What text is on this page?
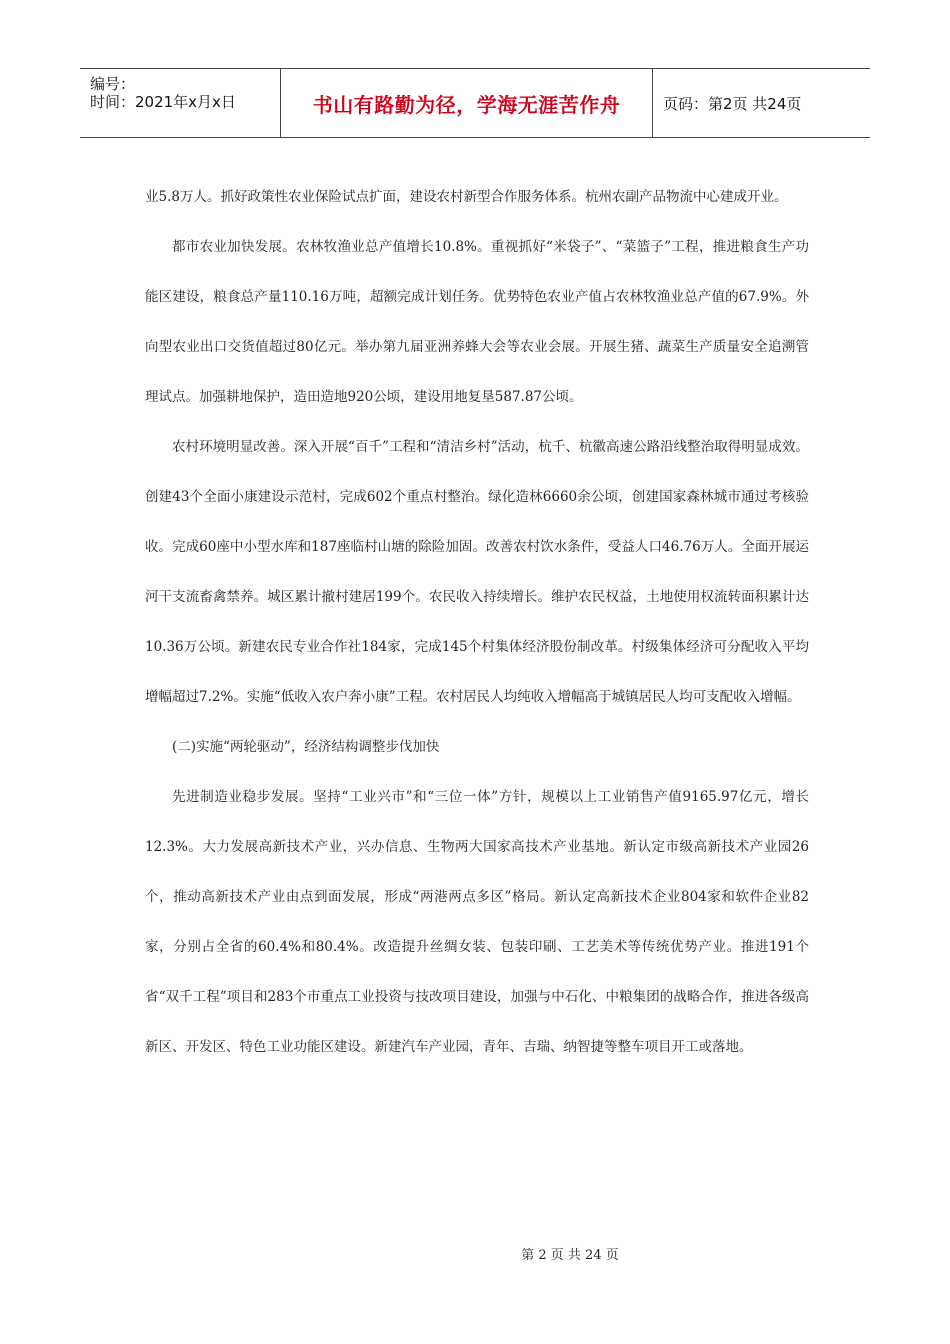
编号：
时间：2021年x月x日	书山有路勤为径，学海无涯苦作舟	页码：第2页 共24页

业5.8万人。抓好政策性农业保险试点扩面，建设农村新型合作服务体系。杭州农副产品物流中心建成开业。

都市农业加快发展。农林牧渔业总产值增长10.8%。重视抓好“米袋子”、“菜篮子”工程，推进粮食生产功能区建设，粮食总产量110.16万吨，超额完成计划任务。优势特色农业产值占农林牧渔业总产值的67.9%。外向型农业出口交货值超过80亿元。举办第九届亚洲养蜂大会等农业会展。开展生猪、蔬菜生产质量安全追溯管理试点。加强耕地保护，造田造地920公顷，建设用地复垦587.87公顷。

农村环境明显改善。深入开展“百千”工程和“清洁乡村”活动，杭千、杭徽高速公路沿线整治取得明显成效。创建43个全面小康建设示范村，完成602个重点村整治。绿化造林6660余公顷，创建国家森林城市通过考核验收。完成60座中小型水库和187座临村山塘的除险加固。改善农村饮水条件，受益人口46.76万人。全面开展运河干支流畜禽禁养。城区累计撤村建居199个。农民收入持续增长。维护农民权益，土地使用权流转面积累计达10.36万公顷。新建农民专业合作社184家，完成145个村集体经济股份制改革。村级集体经济可分配收入平均增幅超过7.2%。实施“低收入农户奔小康”工程。农村居民人均纯收入增幅高于城镇居民人均可支配收入增幅。

(二)实施“两轮驱动”，经济结构调整步伐加快

先进制造业稳步发展。坚持“工业兴市”和“三位一体”方针，规模以上工业销售产值9165.97亿元，增长12.3%。大力发展高新技术产业，兴办信息、生物两大国家高技术产业基地。新认定市级高新技术产业园26个，推动高新技术产业由点到面发展，形成“两港两点多区”格局。新认定高新技术企业804家和软件企业82家，分别占全省的60.4%和80.4%。改造提升丝绸女装、包装印刷、工艺美术等传统优势产业。推进191个省“双千工程”项目和283个市重点工业投资与技改项目建设，加强与中石化、中粮集团的战略合作，推进各级高新区、开发区、特色工业功能区建设。新建汽车产业园，青年、吉瑞、纳智捷等整车项目开工或落地。

第 2 页 共 24 页
